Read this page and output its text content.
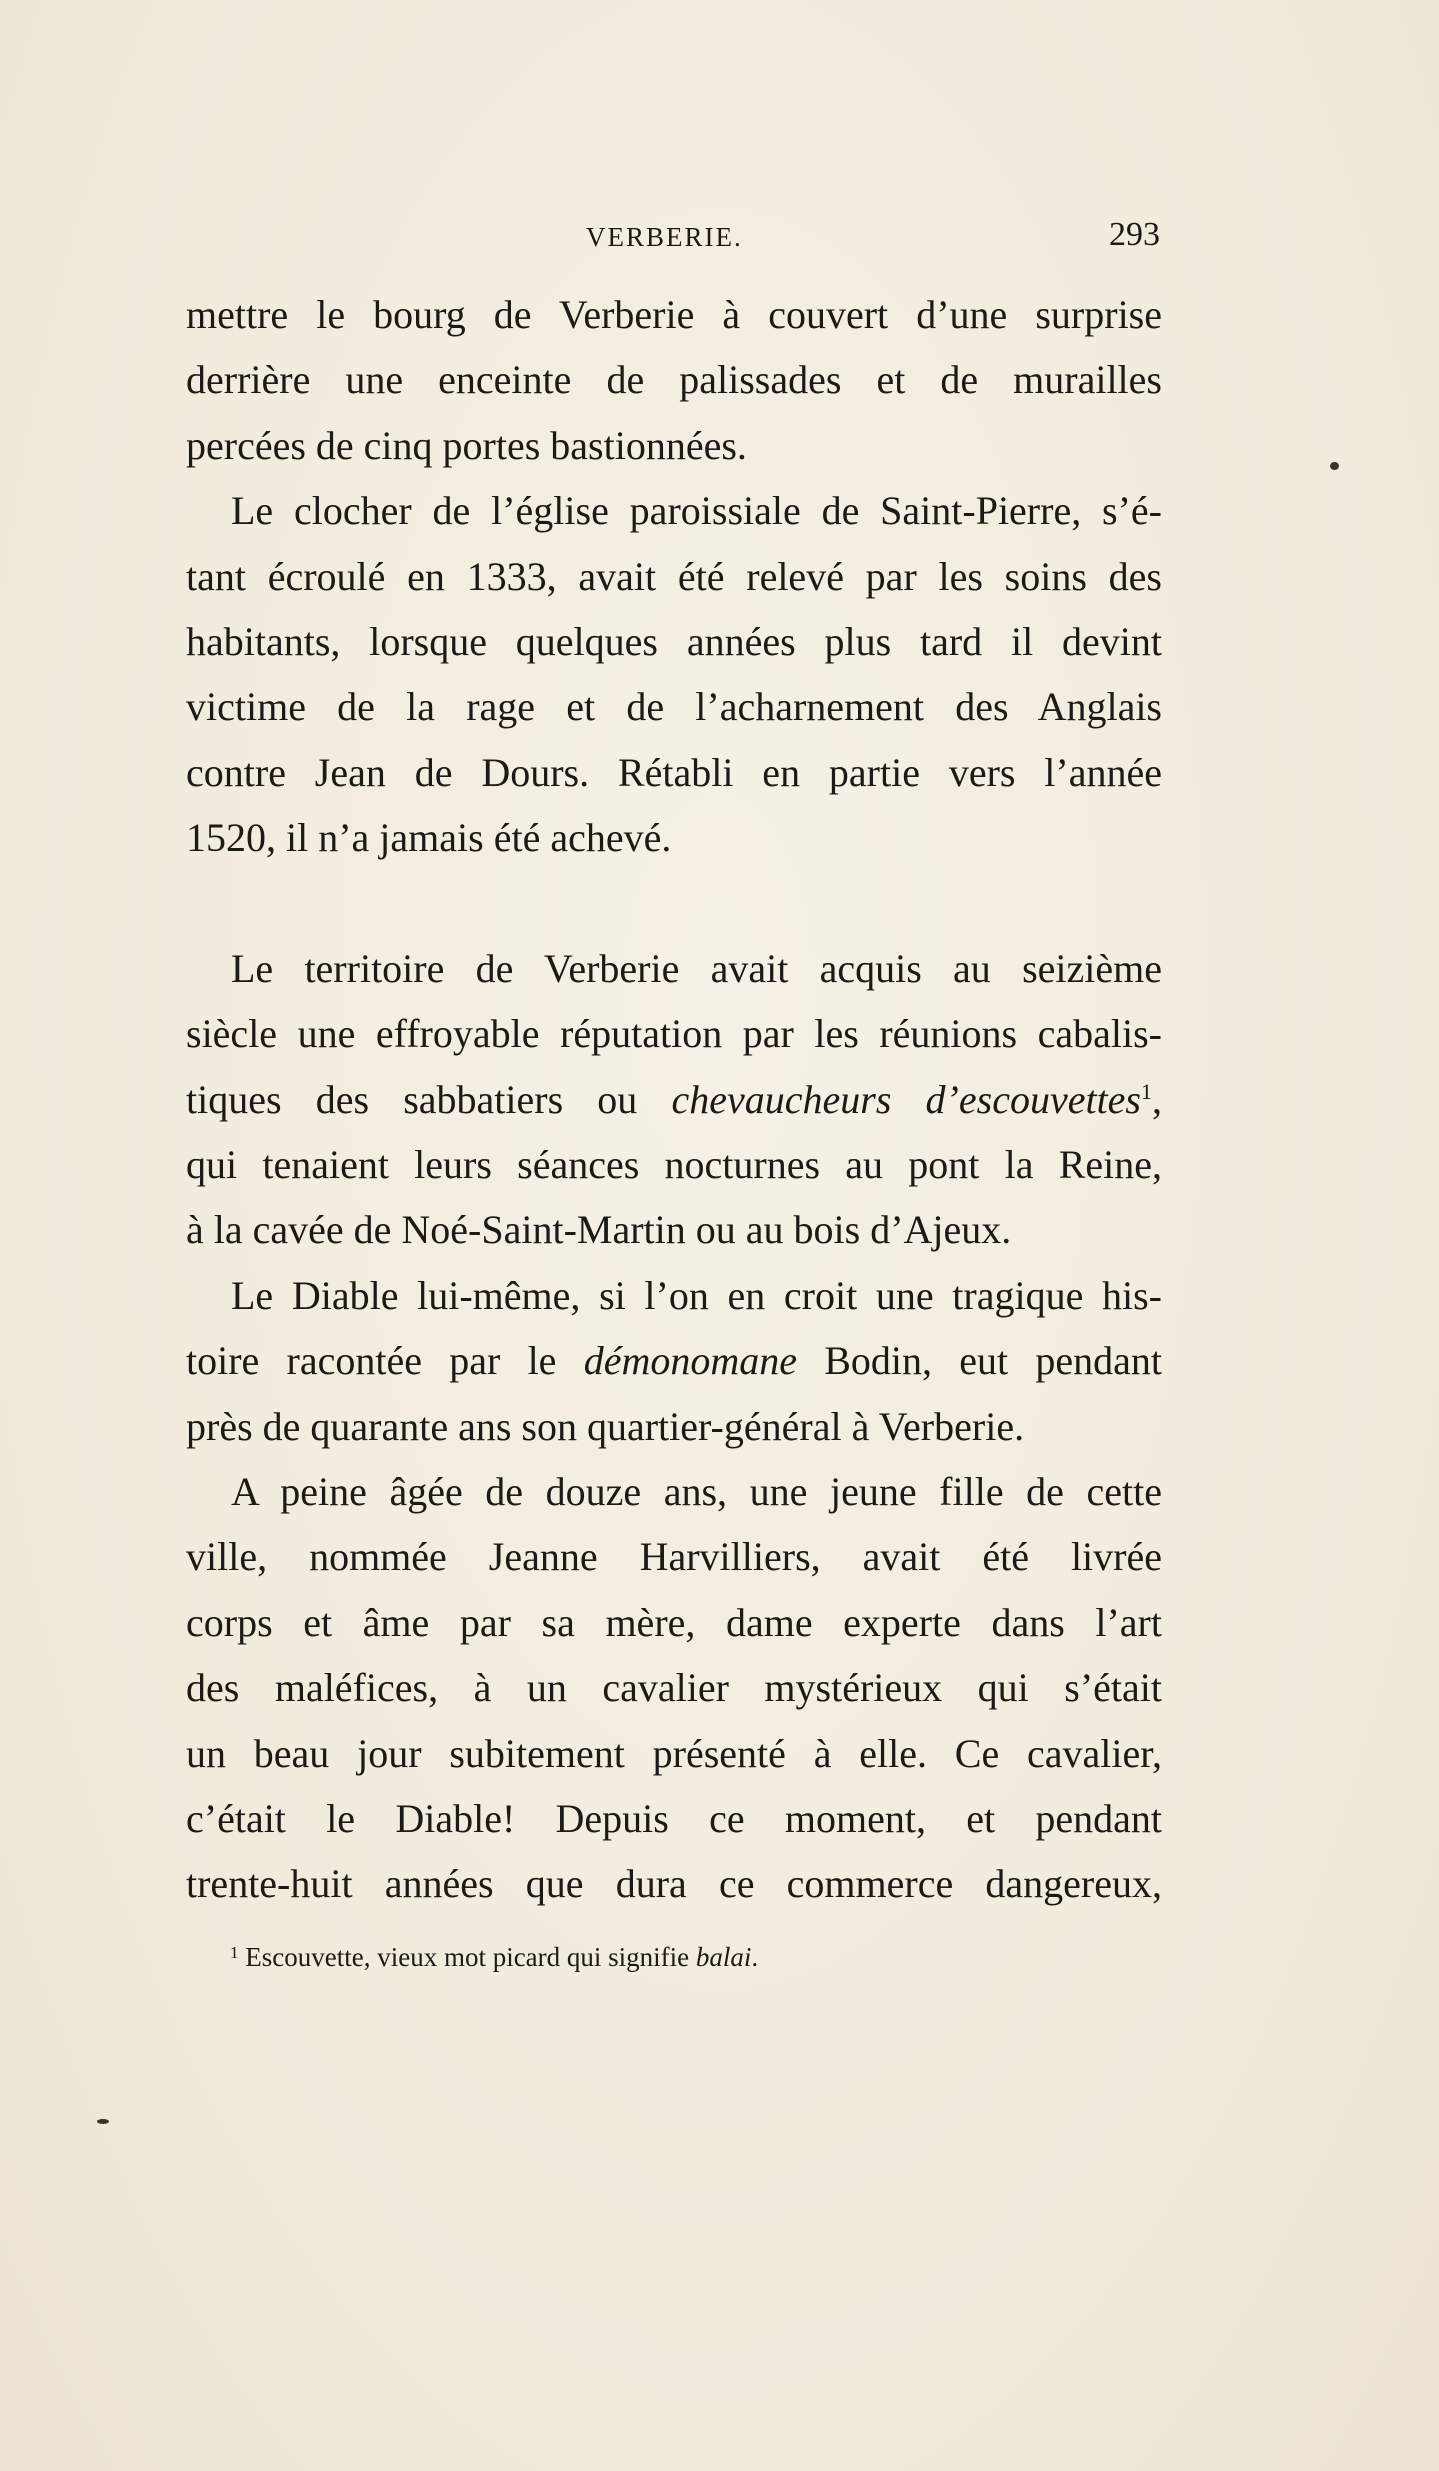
VERBERIE.	293
mettre le bourg de Verberie à couvert d’une surprise
derrière une enceinte de palissades et de murailles
percées de cinq portes bastionnées.
Le clocher de l’église paroissiale de Saint-Pierre, s’é-
tant écroulé en 1333, avait été relevé par les soins des
habitants, lorsque quelques années plus tard il devint
victime de la rage et de l’acharnement des Anglais
contre Jean de Dours. Rétabli en partie vers l’année
1520, il n’a jamais été achevé.
Le territoire de Verberie avait acquis au seizième
siècle une effroyable réputation par les réunions cabalis-
tiques des sabbatiers ou chevaucheurs d’escouvettes$^1$,
qui tenaient leurs séances nocturnes au pont la Reine,
à la cavée de Noé-Saint-Martin ou au bois d’Ajeux.
Le Diable lui-même, si l’on en croit une tragique his-
toire racontée par le démonomane Bodin, eut pendant
près de quarante ans son quartier-général à Verberie.
A peine âgée de douze ans, une jeune fille de cette
ville, nommée Jeanne Harvilliers, avait été livrée
corps et âme par sa mère, dame experte dans l’art
des maléfices, à un cavalier mystérieux qui s’était
un beau jour subitement présenté à elle. Ce cavalier,
c’était le Diable! Depuis ce moment, et pendant
trente-huit années que dura ce commerce dangereux,
$^1$ Escouvette, vieux mot picard qui signifie balai.
